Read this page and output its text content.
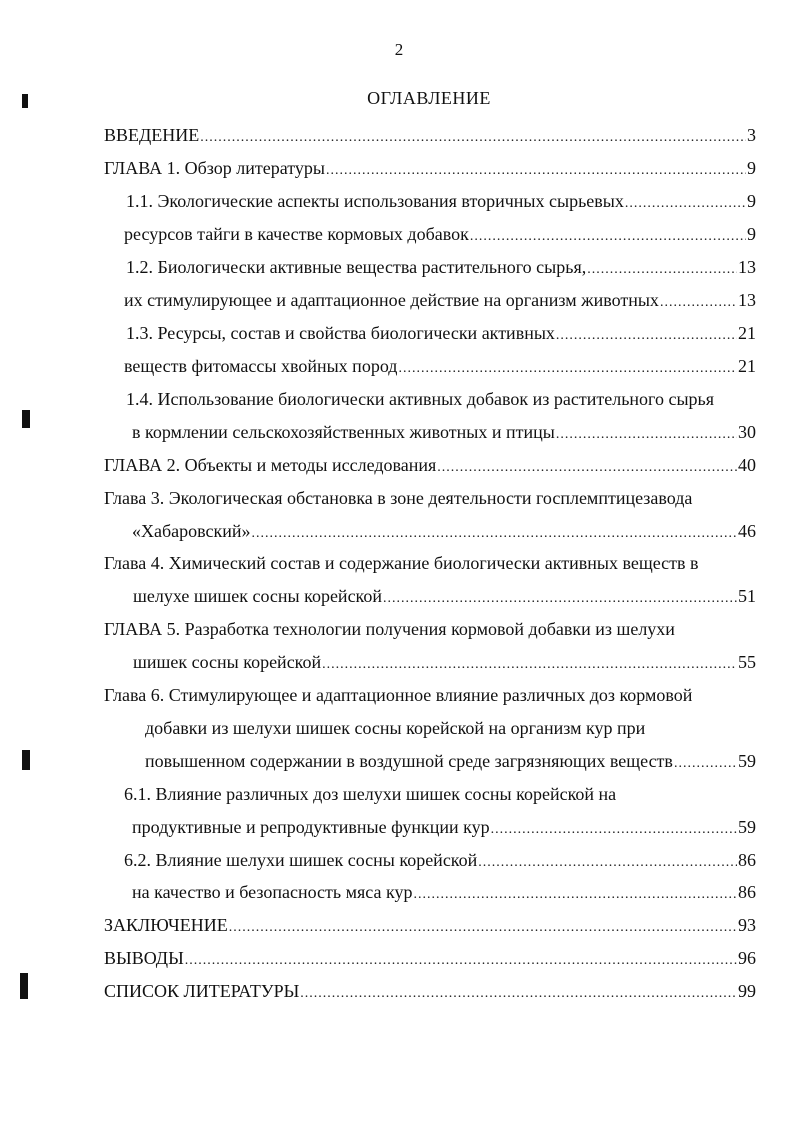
2
ОГЛАВЛЕНИЕ
ВВЕДЕНИЕ .....	3
ГЛАВА 1. Обзор литературы .....	9
1.1. Экологические аспекты использования вторичных сырьевых .....	9
ресурсов тайги в качестве кормовых добавок .....	9
1.2. Биологически активные вещества растительного сырья, .....	13
их стимулирующее и адаптационное действие на организм животных .....	13
1.3. Ресурсы, состав и свойства биологически активных .....	21
веществ фитомассы хвойных пород .....	21
1.4. Использование биологически активных добавок из растительного сырья
в кормлении сельскохозяйственных животных и птицы .....	30
ГЛАВА 2. Объекты и методы исследования .....	40
Глава 3. Экологическая обстановка в зоне деятельности госплемптицезавода
«Хабаровский» .....	46
Глава 4. Химический состав и содержание биологически активных веществ в
шелухе шишек сосны корейской .....	51
ГЛАВА 5. Разработка технологии получения кормовой добавки из шелухи
шишек сосны корейской .....	55
Глава 6. Стимулирующее и адаптационное влияние различных доз кормовой
добавки из шелухи шишек сосны корейской на организм кур при
повышенном содержании в воздушной среде загрязняющих веществ .....	59
6.1. Влияние различных доз шелухи шишек сосны корейской на
продуктивные и репродуктивные функции кур .....	59
6.2. Влияние шелухи шишек сосны корейской .....	86
на качество и безопасность мяса кур .....	86
ЗАКЛЮЧЕНИЕ .....	93
ВЫВОДЫ .....	96
СПИСОК ЛИТЕРАТУРЫ .....	99
